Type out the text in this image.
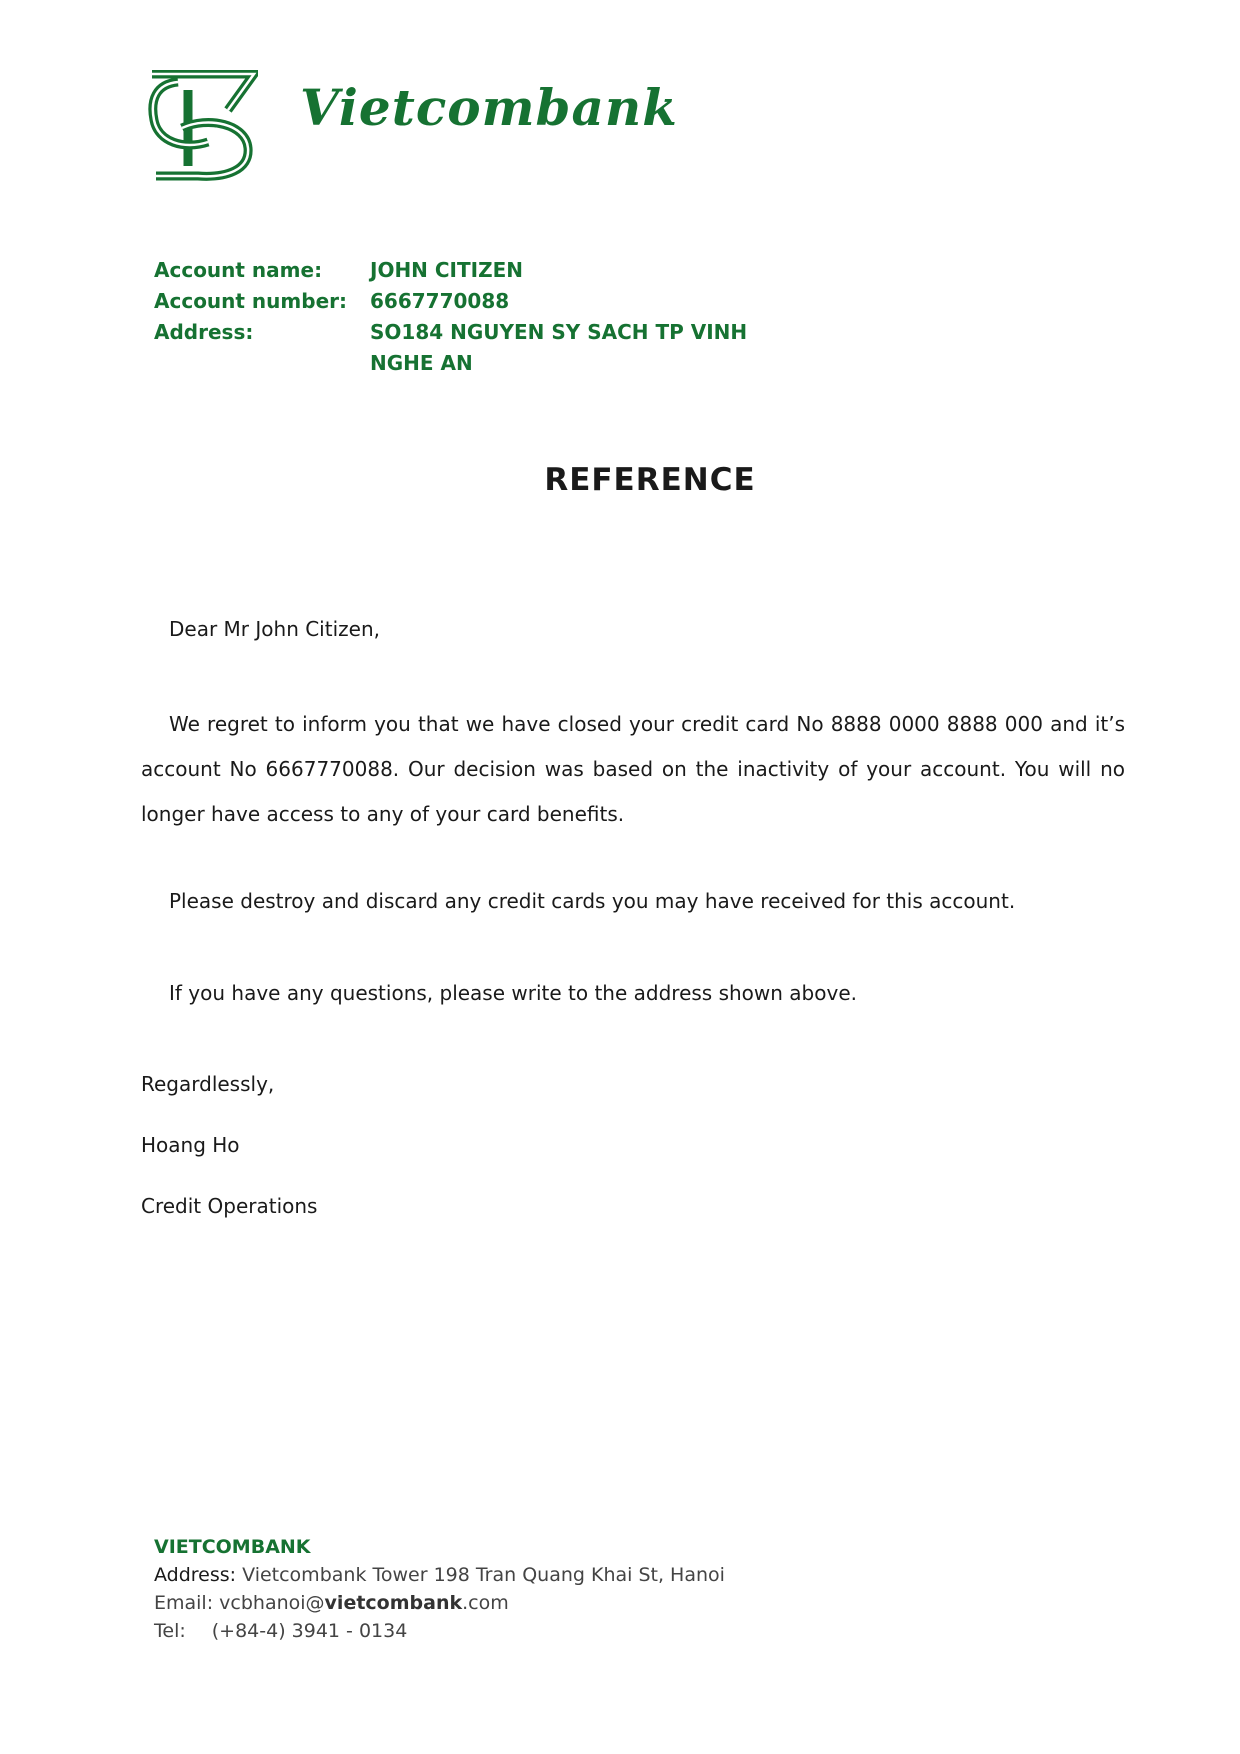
Vietcombank
Account name:	JOHN CITIZEN
Account number:	6667770088
Address:	SO184 NGUYEN SY SACH TP VINH
NGHE AN
REFERENCE
Dear Mr John Citizen,
We regret to inform you that we have closed your credit card No 8888 0000 8888 000 and it’s account No 6667770088. Our decision was based on the inactivity of your account. You will no longer have access to any of your card benefits.
Please destroy and discard any credit cards you may have received for this account.
If you have any questions, please write to the address shown above.
Regardlessly,
Hoang Ho
Credit Operations
VIETCOMBANK
Address: Vietcombank Tower 198 Tran Quang Khai St, Hanoi
Email: vcbhanoi@vietcombank.com
Tel: (+84-4) 3941 - 0134
